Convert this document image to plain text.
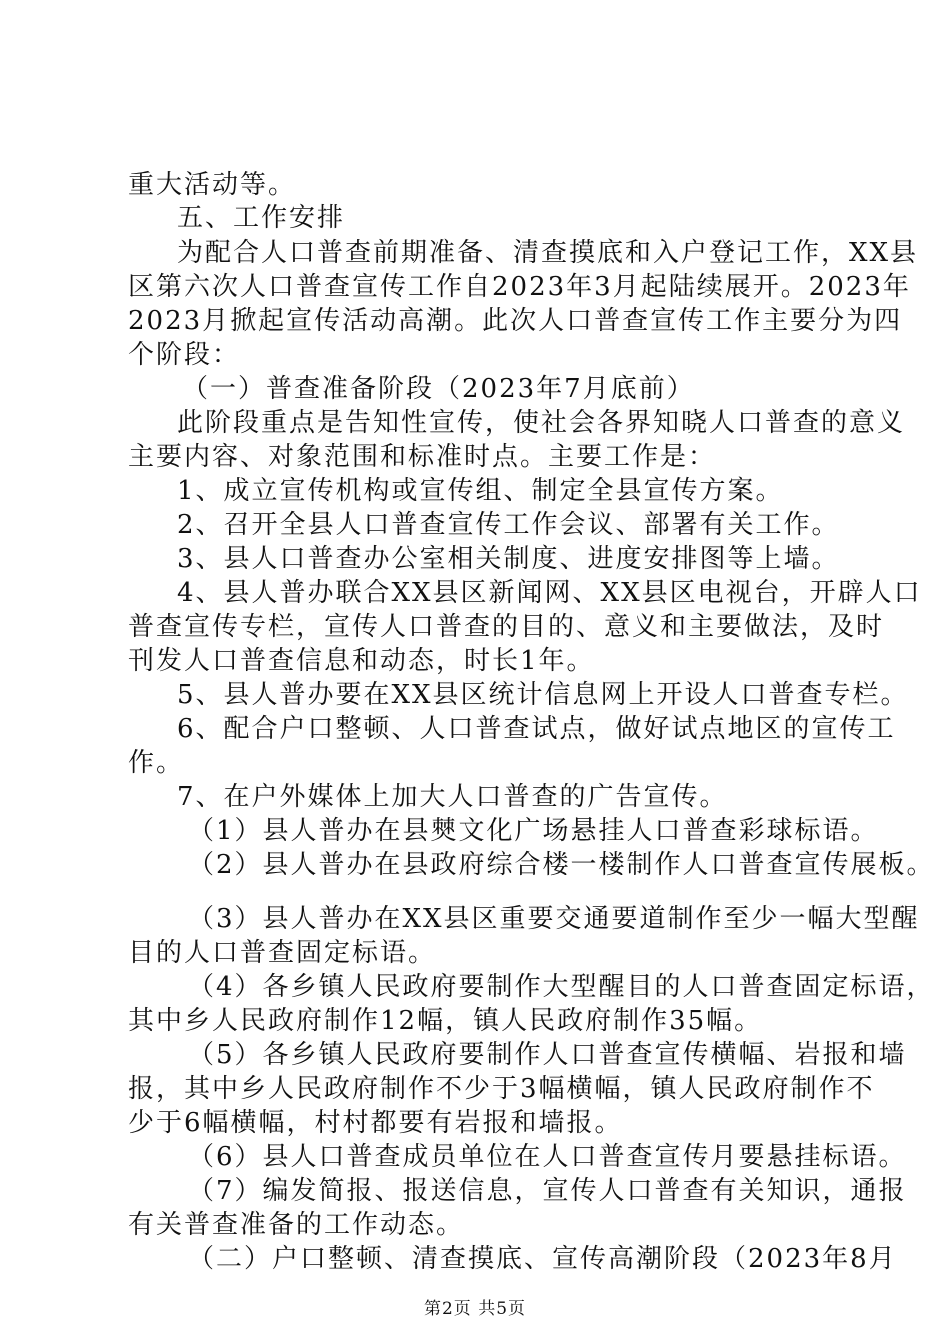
重大活动等。
五、工作安排
为配合人口普查前期准备、清查摸底和入户登记工作，XX县
区第六次人口普查宣传工作自2023年3月起陆续展开。2023年
2023月掀起宣传活动高潮。此次人口普查宣传工作主要分为四
个阶段：
（一）普查准备阶段（2023年7月底前）
此阶段重点是告知性宣传，使社会各界知晓人口普查的意义
主要内容、对象范围和标准时点。主要工作是：
1、成立宣传机构或宣传组、制定全县宣传方案。
2、召开全县人口普查宣传工作会议、部署有关工作。
3、县人口普查办公室相关制度、进度安排图等上墙。
4、县人普办联合XX县区新闻网、XX县区电视台，开辟人口
普查宣传专栏，宣传人口普查的目的、意义和主要做法，及时
刊发人口普查信息和动态，时长1年。
5、县人普办要在XX县区统计信息网上开设人口普查专栏。
6、配合户口整顿、人口普查试点，做好试点地区的宣传工
作。
7、在户外媒体上加大人口普查的广告宣传。
（1）县人普办在县僰文化广场悬挂人口普查彩球标语。
（2）县人普办在县政府综合楼一楼制作人口普查宣传展板。
（3）县人普办在XX县区重要交通要道制作至少一幅大型醒
目的人口普查固定标语。
（4）各乡镇人民政府要制作大型醒目的人口普查固定标语，
其中乡人民政府制作12幅，镇人民政府制作35幅。
（5）各乡镇人民政府要制作人口普查宣传横幅、岩报和墙
报，其中乡人民政府制作不少于3幅横幅，镇人民政府制作不
少于6幅横幅，村村都要有岩报和墙报。
（6）县人口普查成员单位在人口普查宣传月要悬挂标语。
（7）编发简报、报送信息，宣传人口普查有关知识，通报
有关普查准备的工作动态。
（二）户口整顿、清查摸底、宣传高潮阶段（2023年8月
第2页 共5页
